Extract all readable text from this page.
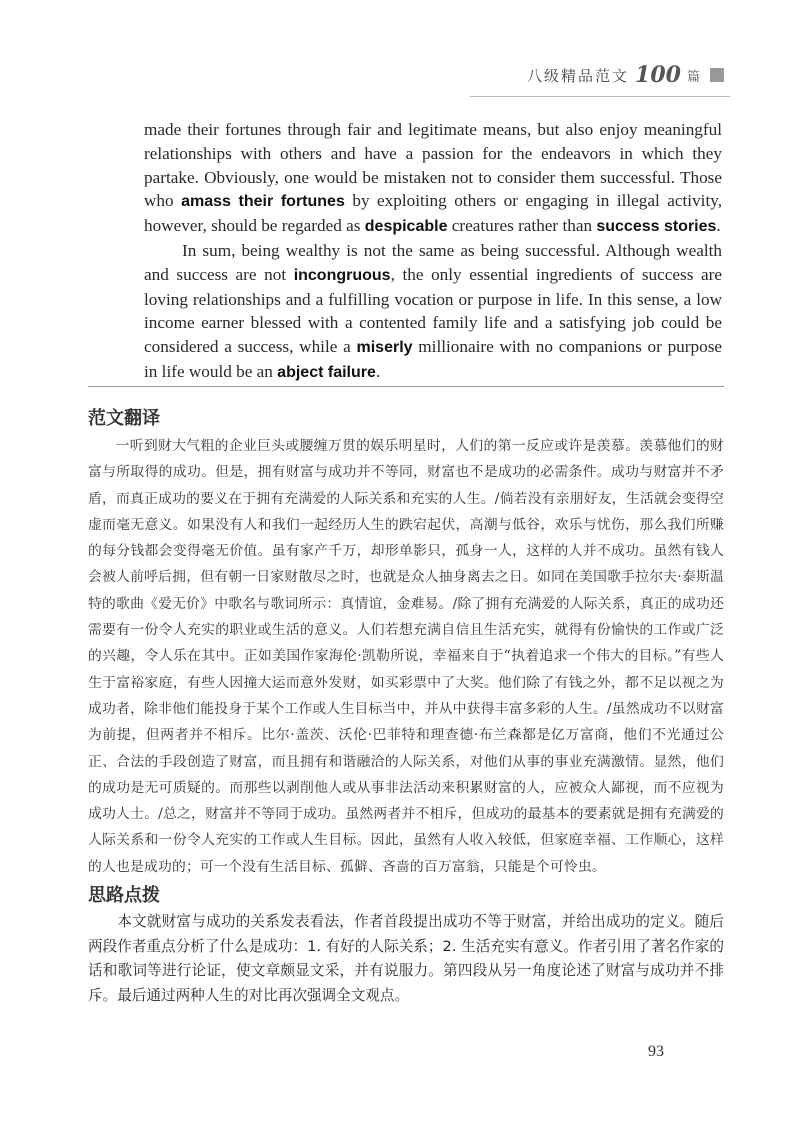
八级精品范文 100 篇

made their fortunes through fair and legitimate means, but also enjoy meaningful relationships with others and have a passion for the endeavors in which they partake. Obviously, one would be mistaken not to consider them successful. Those who amass their fortunes by exploiting others or engaging in illegal activity, however, should be regarded as despicable creatures rather than success stories.

In sum, being wealthy is not the same as being successful. Although wealth and success are not incongruous, the only essential ingredients of success are loving relationships and a fulfilling vocation or purpose in life. In this sense, a low income earner blessed with a contented family life and a satisfying job could be considered a success, while a miserly millionaire with no companions or purpose in life would be an abject failure.

范文翻译

一听到财大气粗的企业巨头或腰缠万贯的娱乐明星时，人们的第一反应或许是羡慕。羡慕他们的财富与所取得的成功。但是，拥有财富与成功并不等同，财富也不是成功的必需条件。成功与财富并不矛盾，而真正成功的要义在于拥有充满爱的人际关系和充实的人生。/倘若没有亲朋好友，生活就会变得空虚而毫无意义。如果没有人和我们一起经历人生的跌宕起伏，高潮与低谷，欢乐与忧伤，那么我们所赚的每分钱都会变得毫无价值。虽有家产千万，却形单影只，孤身一人，这样的人并不成功。虽然有钱人会被人前呼后拥，但有朝一日家财散尽之时，也就是众人抽身离去之日。如同在美国歌手拉尔夫·泰斯温特的歌曲《爱无价》中歌名与歌词所示：真情谊，金难易。/除了拥有充满爱的人际关系，真正的成功还需要有一份令人充实的职业或生活的意义。人们若想充满自信且生活充实，就得有份愉快的工作或广泛的兴趣，令人乐在其中。正如美国作家海伦·凯勒所说，幸福来自于“执着追求一个伟大的目标。”有些人生于富裕家庭，有些人因撞大运而意外发财，如买彩票中了大奖。他们除了有钱之外，都不足以视之为成功者，除非他们能投身于某个工作或人生目标当中，并从中获得丰富多彩的人生。/虽然成功不以财富为前提，但两者并不相斥。比尔·盖茨、沃伦·巴菲特和理查德·布兰森都是亿万富商，他们不光通过公正、合法的手段创造了财富，而且拥有和谐融洽的人际关系，对他们从事的事业充满激情。显然，他们的成功是无可质疑的。而那些以剥削他人或从事非法活动来积累财富的人，应被众人鄙视，而不应视为成功人士。/总之，财富并不等同于成功。虽然两者并不相斥，但成功的最基本的要素就是拥有充满爱的人际关系和一份令人充实的工作或人生目标。因此，虽然有人收入较低，但家庭幸福、工作顺心，这样的人也是成功的；可一个没有生活目标、孤僻、吝啬的百万富翁，只能是个可怜虫。

思路点拨

本文就财富与成功的关系发表看法，作者首段提出成功不等于财富，并给出成功的定义。随后两段作者重点分析了什么是成功：1. 有好的人际关系；2. 生活充实有意义。作者引用了著名作家的话和歌词等进行论证，使文章颇显文采，并有说服力。第四段从另一角度论述了财富与成功并不排斥。最后通过两种人生的对比再次强调全文观点。

93
